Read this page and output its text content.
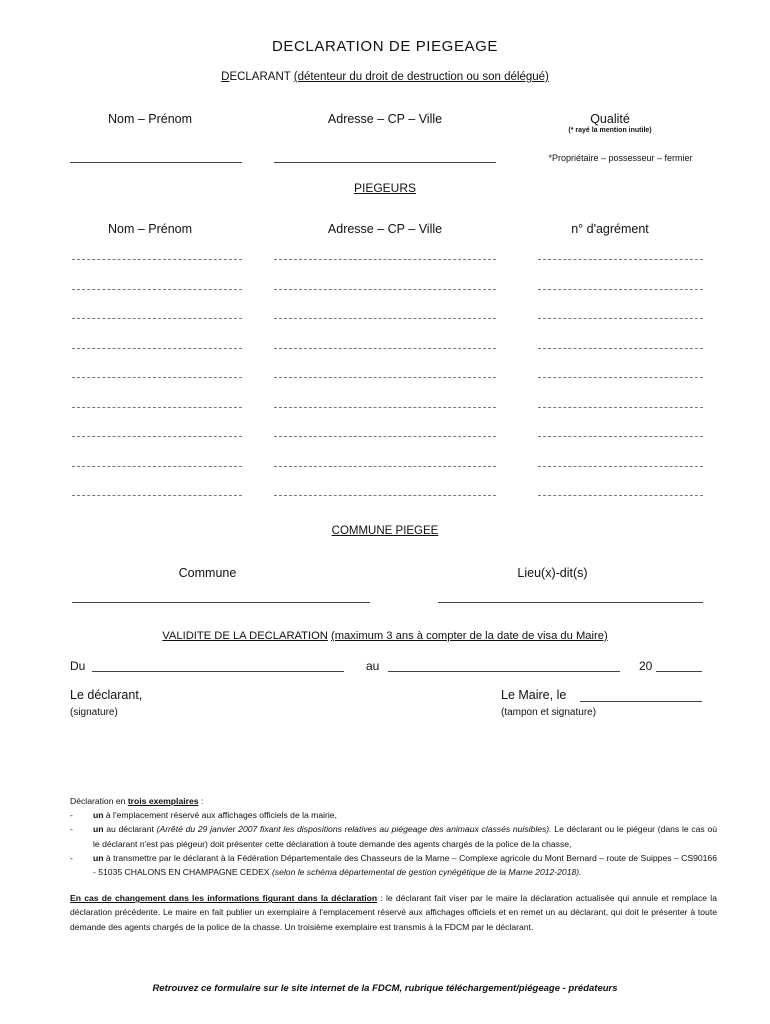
DECLARATION DE PIEGEAGE
DECLARANT (détenteur du droit de destruction ou son délégué)
Nom – Prénom	Adresse – CP – Ville	Qualité
(* rayé la mention inutile)
*Propriétaire – possesseur – fermier
PIEGEURS
Nom – Prénom	Adresse – CP – Ville	n° d'agrément
COMMUNE PIEGEE
Commune	Lieu(x)-dit(s)
VALIDITE DE LA DECLARATION (maximum 3 ans à compter de la date de visa du Maire)
Du	au	20
Le déclarant,
(signature)
Le Maire, le
(tampon et signature)
Déclaration en trois exemplaires :
- un à l'emplacement réservé aux affichages officiels de la mairie,
- un au déclarant (Arrêté du 29 janvier 2007 fixant les dispositions relatives au piégeage des animaux classés nuisibles). Le déclarant ou le piégeur (dans le cas où le déclarant n'est pas piégeur) doit présenter cette déclaration à toute demande des agents chargés de la police de la chasse,
- un à transmettre par le déclarant à la Fédération Départementale des Chasseurs de la Marne – Complexe agricole du Mont Bernard – route de Suippes – CS90166 - 51035 CHALONS EN CHAMPAGNE CEDEX (selon le schéma départemental de gestion cynégétique de la Marne 2012-2018).
En cas de changement dans les informations figurant dans la déclaration : le déclarant fait viser par le maire la déclaration actualisée qui annule et remplace la déclaration précédente. Le maire en fait publier un exemplaire à l'emplacement réservé aux affichages officiels et en remet un au déclarant, qui doit le présenter à toute demande des agents chargés de la police de la chasse. Un troisième exemplaire est transmis à la FDCM par le déclarant.
Retrouvez ce formulaire sur le site internet de la FDCM, rubrique téléchargement/piégeage - prédateurs
